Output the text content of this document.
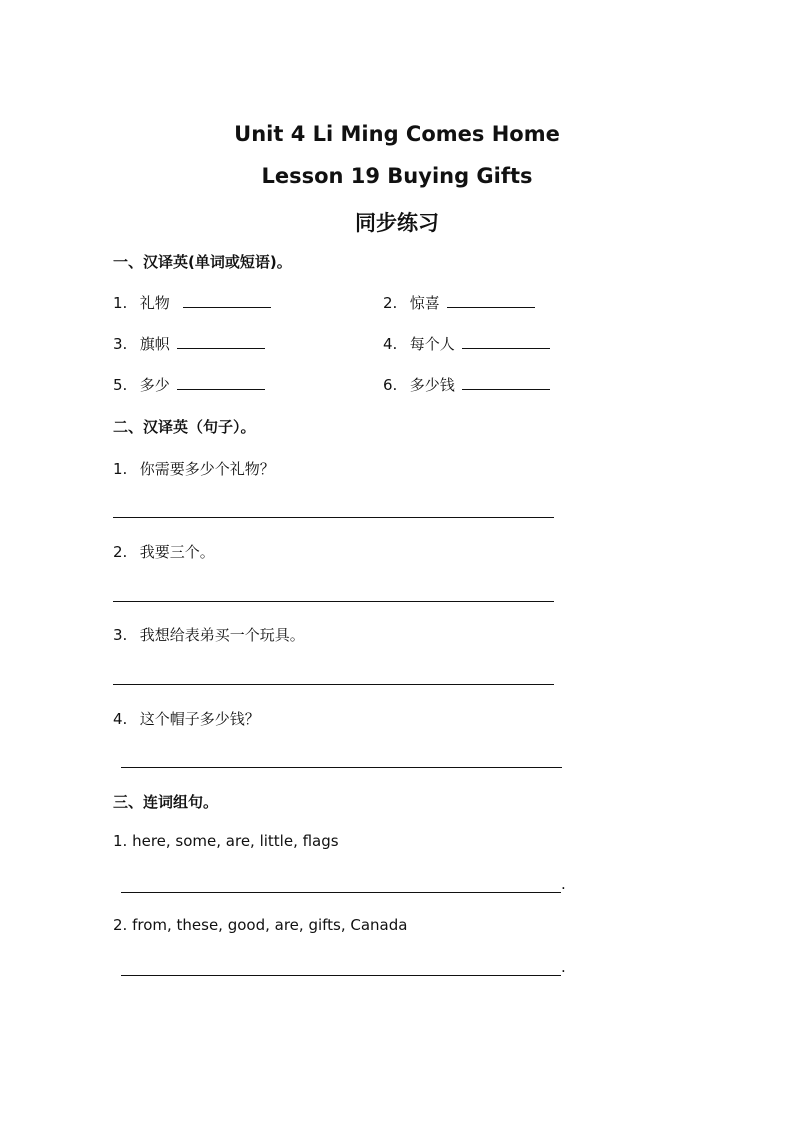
Unit 4 Li Ming Comes Home
Lesson 19 Buying Gifts
同步练习
一、汉译英(单词或短语)。
1. 礼物	2. 惊喜
3. 旗帜	4. 每个人
5. 多少	6. 多少钱
二、汉译英（句子）。
1. 你需要多少个礼物？
2. 我要三个。
3. 我想给表弟买一个玩具。
4. 这个帽子多少钱？
三、连词组句。
1. here, some, are, little, flags
.
2. from, these, good, are, gifts, Canada
.
